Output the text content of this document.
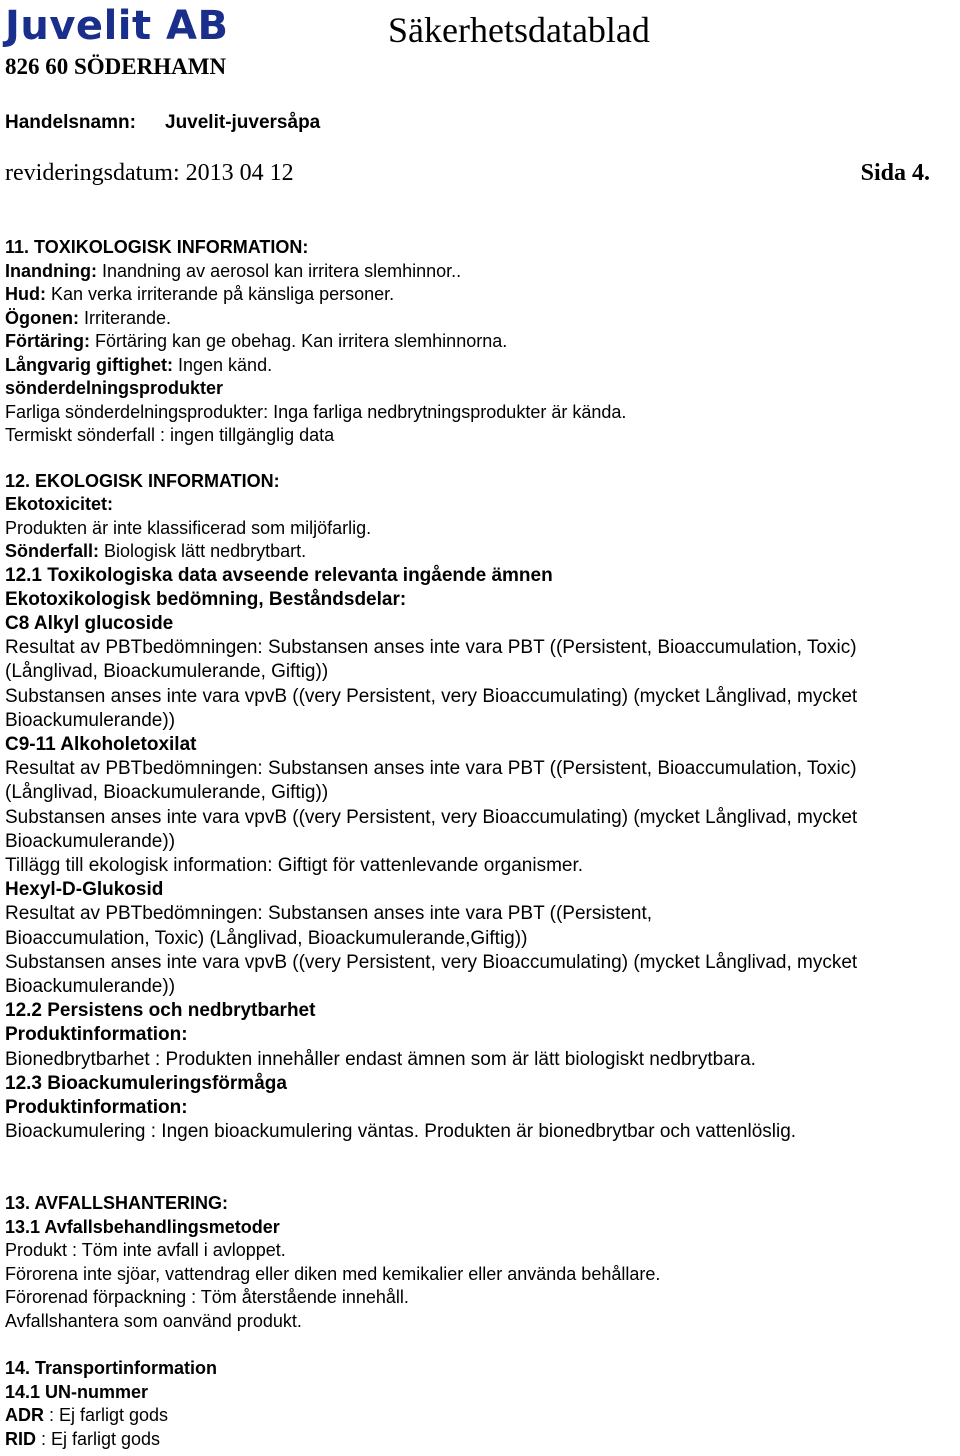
Juvelit AB	Säkerhetsdatablad
826 60 SÖDERHAMN
Handelsnamn: Juvelit-juversåpa
revideringsdatum: 2013 04 12	Sida 4.
11. TOXIKOLOGISK INFORMATION:
Inandning: Inandning av aerosol kan irritera slemhinnor..
Hud: Kan verka irriterande på känsliga personer.
Ögonen: Irriterande.
Förtäring: Förtäring kan ge obehag. Kan irritera slemhinnorna.
Långvarig giftighet: Ingen känd.
sönderdelningsprodukter
Farliga sönderdelningsprodukter: Inga farliga nedbrytningsprodukter är kända.
Termiskt sönderfall : ingen tillgänglig data
12. EKOLOGISK INFORMATION:
Ekotoxicitet:
Produkten är inte klassificerad som miljöfarlig.
Sönderfall: Biologisk lätt nedbrytbart.
12.1 Toxikologiska data avseende relevanta ingående ämnen
Ekotoxikologisk bedömning, Beståndsdelar:
C8 Alkyl glucoside
Resultat av PBTbedömningen: Substansen anses inte vara PBT ((Persistent, Bioaccumulation, Toxic)
(Långlivad, Bioackumulerande, Giftig))
Substansen anses inte vara vpvB ((very Persistent, very Bioaccumulating) (mycket Långlivad, mycket
Bioackumulerande))
C9-11 Alkoholetoxilat
Resultat av PBTbedömningen: Substansen anses inte vara PBT ((Persistent, Bioaccumulation, Toxic)
(Långlivad, Bioackumulerande, Giftig))
Substansen anses inte vara vpvB ((very Persistent, very Bioaccumulating) (mycket Långlivad, mycket
Bioackumulerande))
Tillägg till ekologisk information: Giftigt för vattenlevande organismer.
Hexyl-D-Glukosid
Resultat av PBTbedömningen: Substansen anses inte vara PBT ((Persistent,
Bioaccumulation, Toxic) (Långlivad, Bioackumulerande,Giftig))
Substansen anses inte vara vpvB ((very Persistent, very Bioaccumulating) (mycket Långlivad, mycket
Bioackumulerande))
12.2 Persistens och nedbrytbarhet
Produktinformation:
Bionedbrytbarhet : Produkten innehåller endast ämnen som är lätt biologiskt nedbrytbara.
12.3 Bioackumuleringsförmåga
Produktinformation:
Bioackumulering : Ingen bioackumulering väntas. Produkten är bionedbrytbar och vattenlöslig.
13. AVFALLSHANTERING:
13.1 Avfallsbehandlingsmetoder
Produkt : Töm inte avfall i avloppet.
Förorena inte sjöar, vattendrag eller diken med kemikalier eller använda behållare.
Förorenad förpackning : Töm återstående innehåll.
Avfallshantera som oanvänd produkt.
14. Transportinformation
14.1 UN-nummer
ADR : Ej farligt gods
RID : Ej farligt gods
